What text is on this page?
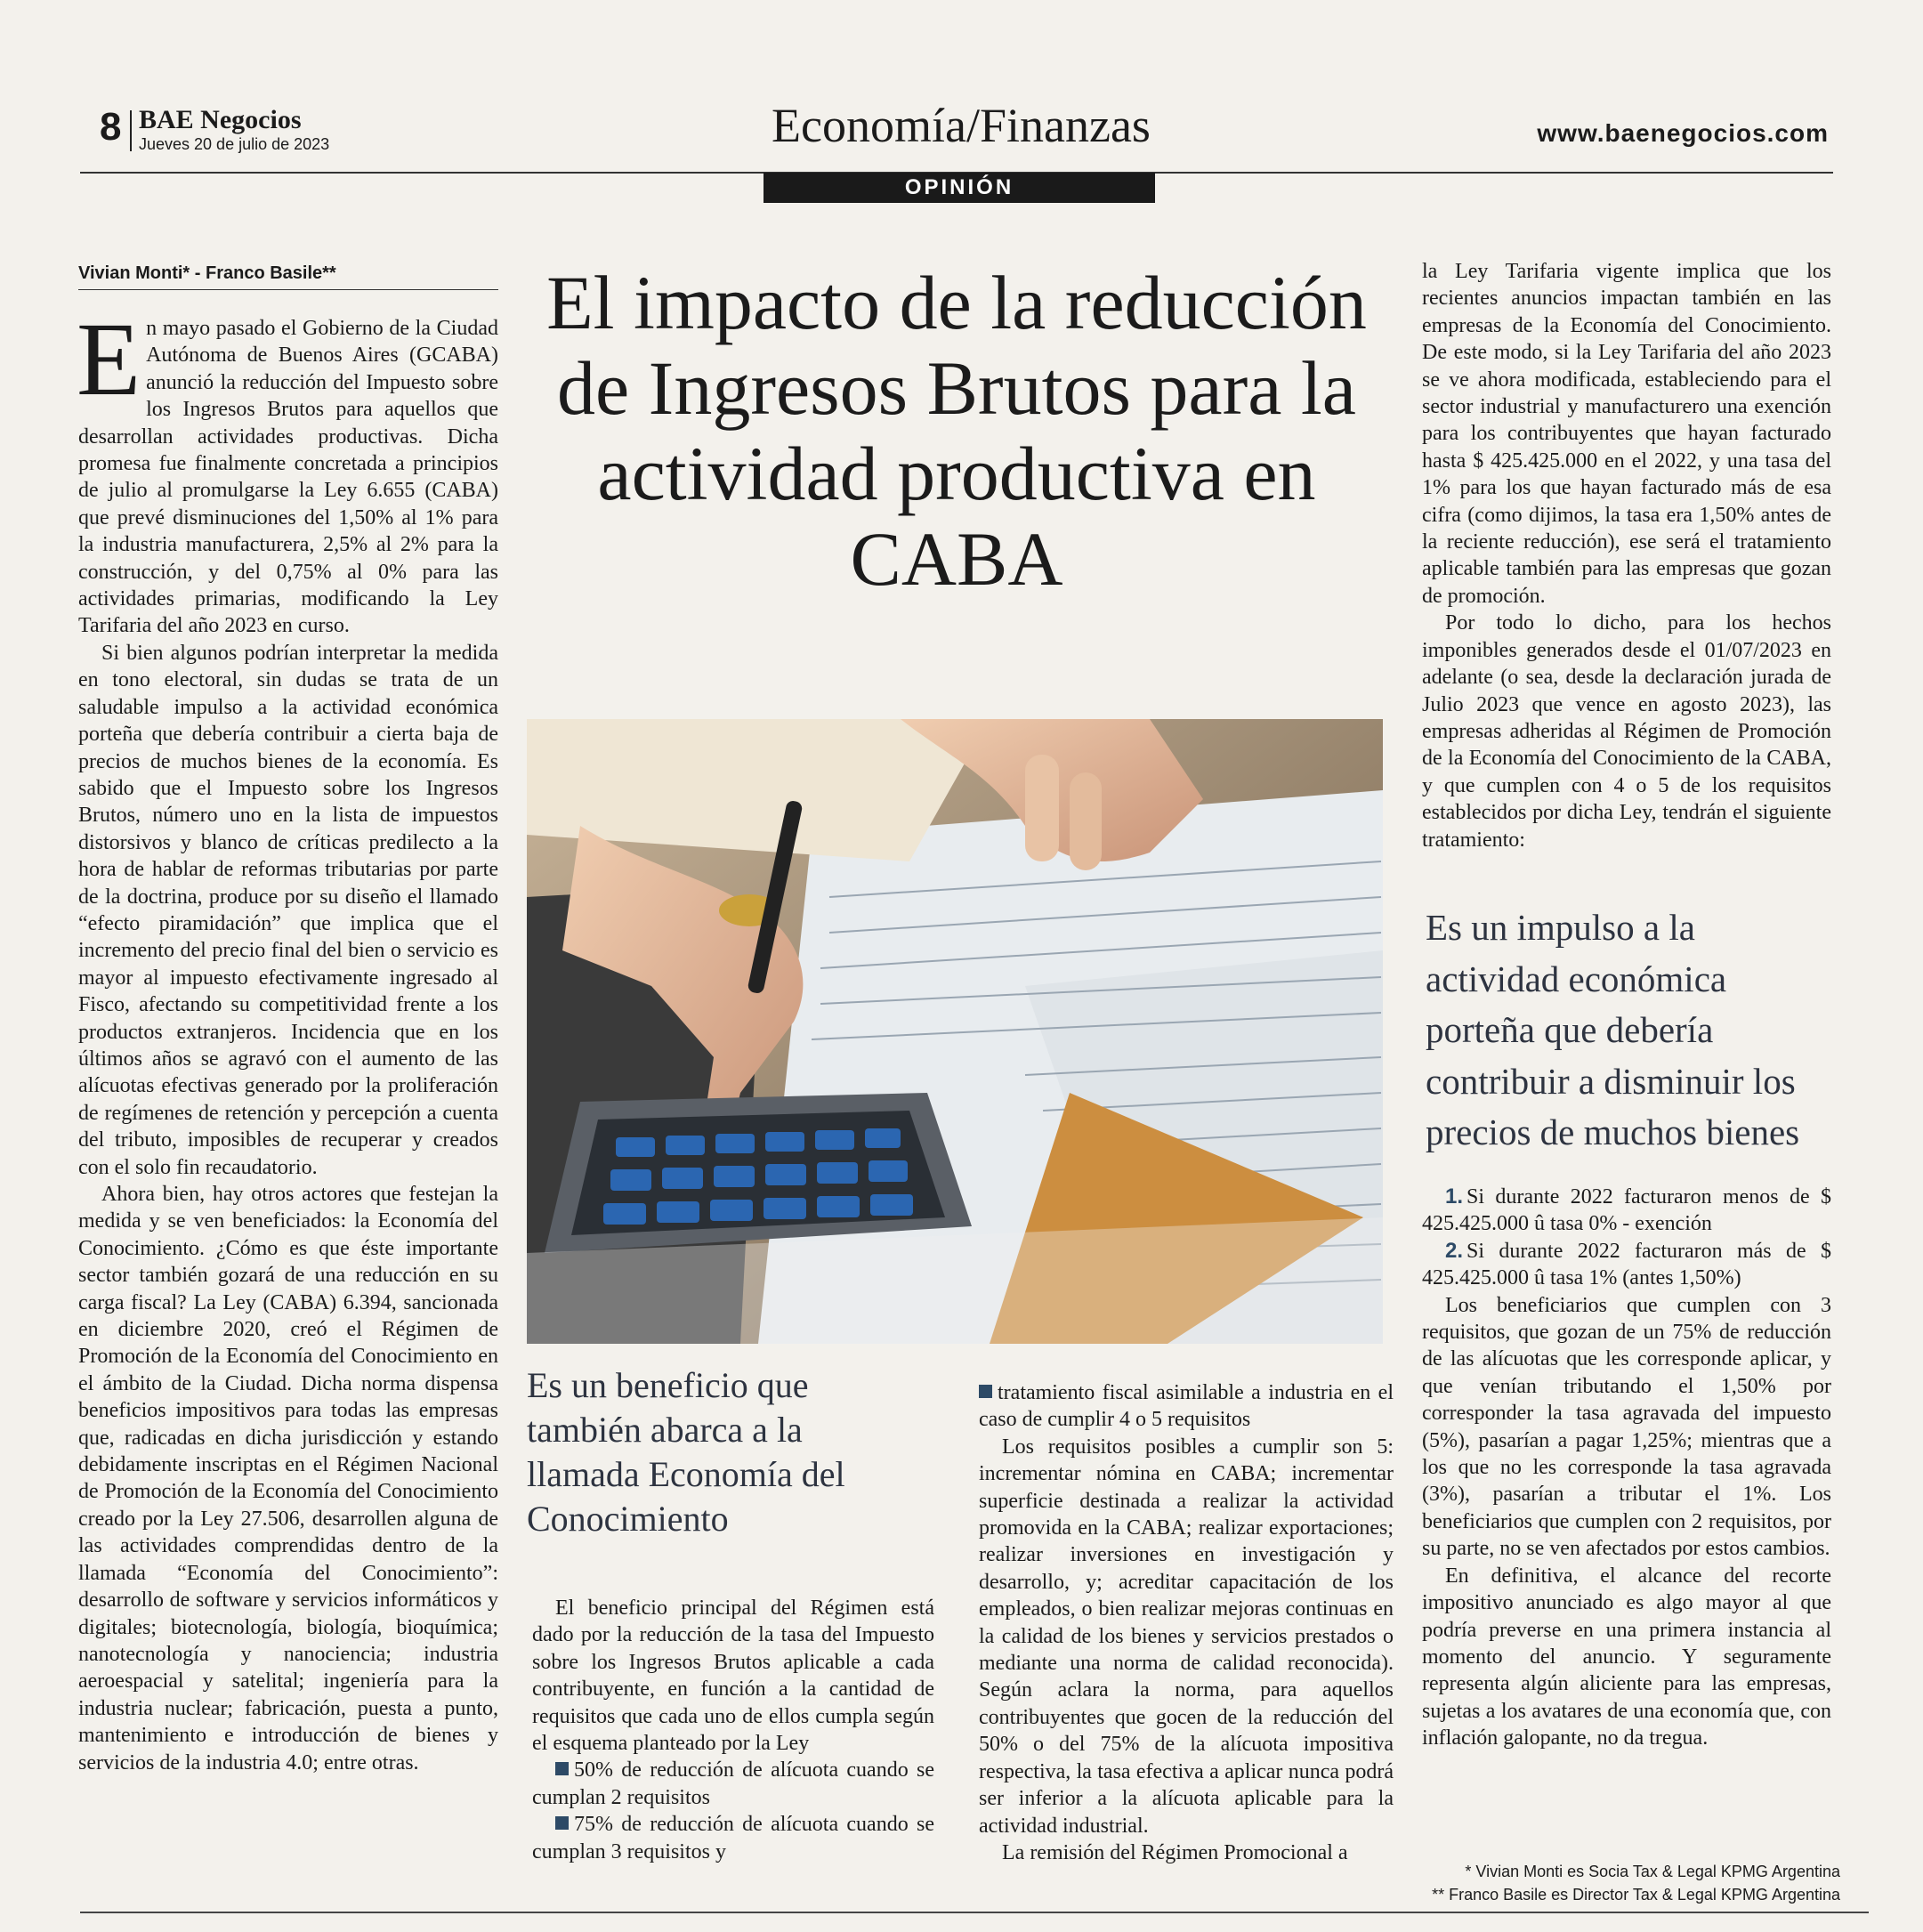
8 BAE Negocios
Jueves 20 de julio de 2023	Economía/Finanzas	www.baenegocios.com
OPINIÓN
Vivian Monti* - Franco Basile**

En mayo pasado el Gobierno de la Ciudad Autónoma de Buenos Aires (GCABA) anunció la reducción del Impuesto sobre los Ingresos Brutos para aquellos que desarrollan actividades productivas. Dicha promesa fue finalmente concretada a principios de julio al promulgarse la Ley 6.655 (CABA) que prevé disminuciones del 1,50% al 1% para la industria manufacturera, 2,5% al 2% para la construcción, y del 0,75% al 0% para las actividades primarias, modificando la Ley Tarifaria del año 2023 en curso.

Si bien algunos podrían interpretar la medida en tono electoral, sin dudas se trata de un saludable impulso a la actividad económica porteña que debería contribuir a cierta baja de precios de muchos bienes de la economía. Es sabido que el Impuesto sobre los Ingresos Brutos, número uno en la lista de impuestos distorsivos y blanco de críticas predilecto a la hora de hablar de reformas tributarias por parte de la doctrina, produce por su diseño el llamado “efecto piramidación” que implica que el incremento del precio final del bien o servicio es mayor al impuesto efectivamente ingresado al Fisco, afectando su competitividad frente a los productos extranjeros. Incidencia que en los últimos años se agravó con el aumento de las alícuotas efectivas generado por la proliferación de regímenes de retención y percepción a cuenta del tributo, imposibles de recuperar y creados con el solo fin recaudatorio.

Ahora bien, hay otros actores que festejan la medida y se ven beneficiados: la Economía del Conocimiento. ¿Cómo es que éste importante sector también gozará de una reducción en su carga fiscal? La Ley (CABA) 6.394, sancionada en diciembre 2020, creó el Régimen de Promoción de la Economía del Conocimiento en el ámbito de la Ciudad. Dicha norma dispensa beneficios impositivos para todas las empresas que, radicadas en dicha jurisdicción y estando debidamente inscriptas en el Régimen Nacional de Promoción de la Economía del Conocimiento creado por la Ley 27.506, desarrollen alguna de las actividades comprendidas dentro de la llamada “Economía del Conocimiento”: desarrollo de software y servicios informáticos y digitales; biotecnología, biología, bioquímica; nanotecnología y nanociencia; industria aeroespacial y satelital; ingeniería para la industria nuclear; fabricación, puesta a punto, mantenimiento e introducción de bienes y servicios de la industria 4.0; entre otras.

El impacto de la reducción de Ingresos Brutos para la actividad productiva en CABA
Es un beneficio que también abarca a la llamada Economía del Conocimiento

El beneficio principal del Régimen está dado por la reducción de la tasa del Impuesto sobre los Ingresos Brutos aplicable a cada contribuyente, en función a la cantidad de requisitos que cada uno de ellos cumpla según el esquema planteado por la Ley

50% de reducción de alícuota cuando se cumplan 2 requisitos

75% de reducción de alícuota cuando se cumplan 3 requisitos y

tratamiento fiscal asimilable a industria en el caso de cumplir 4 o 5 requisitos

Los requisitos posibles a cumplir son 5: incrementar nómina en CABA; incrementar superficie destinada a realizar la actividad promovida en la CABA; realizar exportaciones; realizar inversiones en investigación y desarrollo, y; acreditar capacitación de los empleados, o bien realizar mejoras continuas en la calidad de los bienes y servicios prestados o mediante una norma de calidad reconocida). Según aclara la norma, para aquellos contribuyentes que gocen de la reducción del 50% o del 75% de la alícuota impositiva respectiva, la tasa efectiva a aplicar nunca podrá ser inferior a la alícuota aplicable para la actividad industrial.

La remisión del Régimen Promocional a

la Ley Tarifaria vigente implica que los recientes anuncios impactan también en las empresas de la Economía del Conocimiento. De este modo, si la Ley Tarifaria del año 2023 se ve ahora modificada, estableciendo para el sector industrial y manufacturero una exención para los contribuyentes que hayan facturado hasta $ 425.425.000 en el 2022, y una tasa del 1% para los que hayan facturado más de esa cifra (como dijimos, la tasa era 1,50% antes de la reciente reducción), ese será el tratamiento aplicable también para las empresas que gozan de promoción.

Por todo lo dicho, para los hechos imponibles generados desde el 01/07/2023 en adelante (o sea, desde la declaración jurada de Julio 2023 que vence en agosto 2023), las empresas adheridas al Régimen de Promoción de la Economía del Conocimiento de la CABA, y que cumplen con 4 o 5 de los requisitos establecidos por dicha Ley, tendrán el siguiente tratamiento:

Es un impulso a la actividad económica porteña que debería contribuir a disminuir los precios de muchos bienes

1. Si durante 2022 facturaron menos de $ 425.425.000 û tasa 0% - exención

2. Si durante 2022 facturaron más de $ 425.425.000 û tasa 1% (antes 1,50%)

Los beneficiarios que cumplen con 3 requisitos, que gozan de un 75% de reducción de las alícuotas que les corresponde aplicar, y que venían tributando el 1,50% por corresponder la tasa agravada del impuesto (5%), pasarían a pagar 1,25%; mientras que a los que no les corresponde la tasa agravada (3%), pasarían a tributar el 1%. Los beneficiarios que cumplen con 2 requisitos, por su parte, no se ven afectados por estos cambios.

En definitiva, el alcance del recorte impositivo anunciado es algo mayor al que podría preverse en una primera instancia al momento del anuncio. Y seguramente representa algún aliciente para las empresas, sujetas a los avatares de una economía que, con inflación galopante, no da tregua.

* Vivian Monti es Socia Tax & Legal KPMG Argentina
** Franco Basile es Director Tax & Legal KPMG Argentina
